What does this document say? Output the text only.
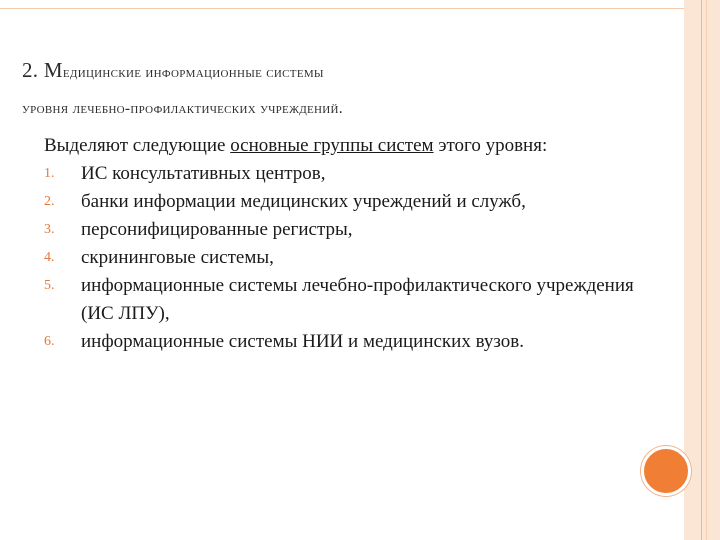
2. Медицинские информационные системы
уровня лечебно-профилактических учреждений.

Выделяют следующие основные группы систем этого уровня:

1. ИС консультативных центров,
2. банки информации медицинских учреждений и служб,
3. персонифицированные регистры,
4. скрининговые системы,
5. информационные системы лечебно-профилактического учреждения (ИС ЛПУ),
6. информационные системы НИИ и медицинских вузов.
